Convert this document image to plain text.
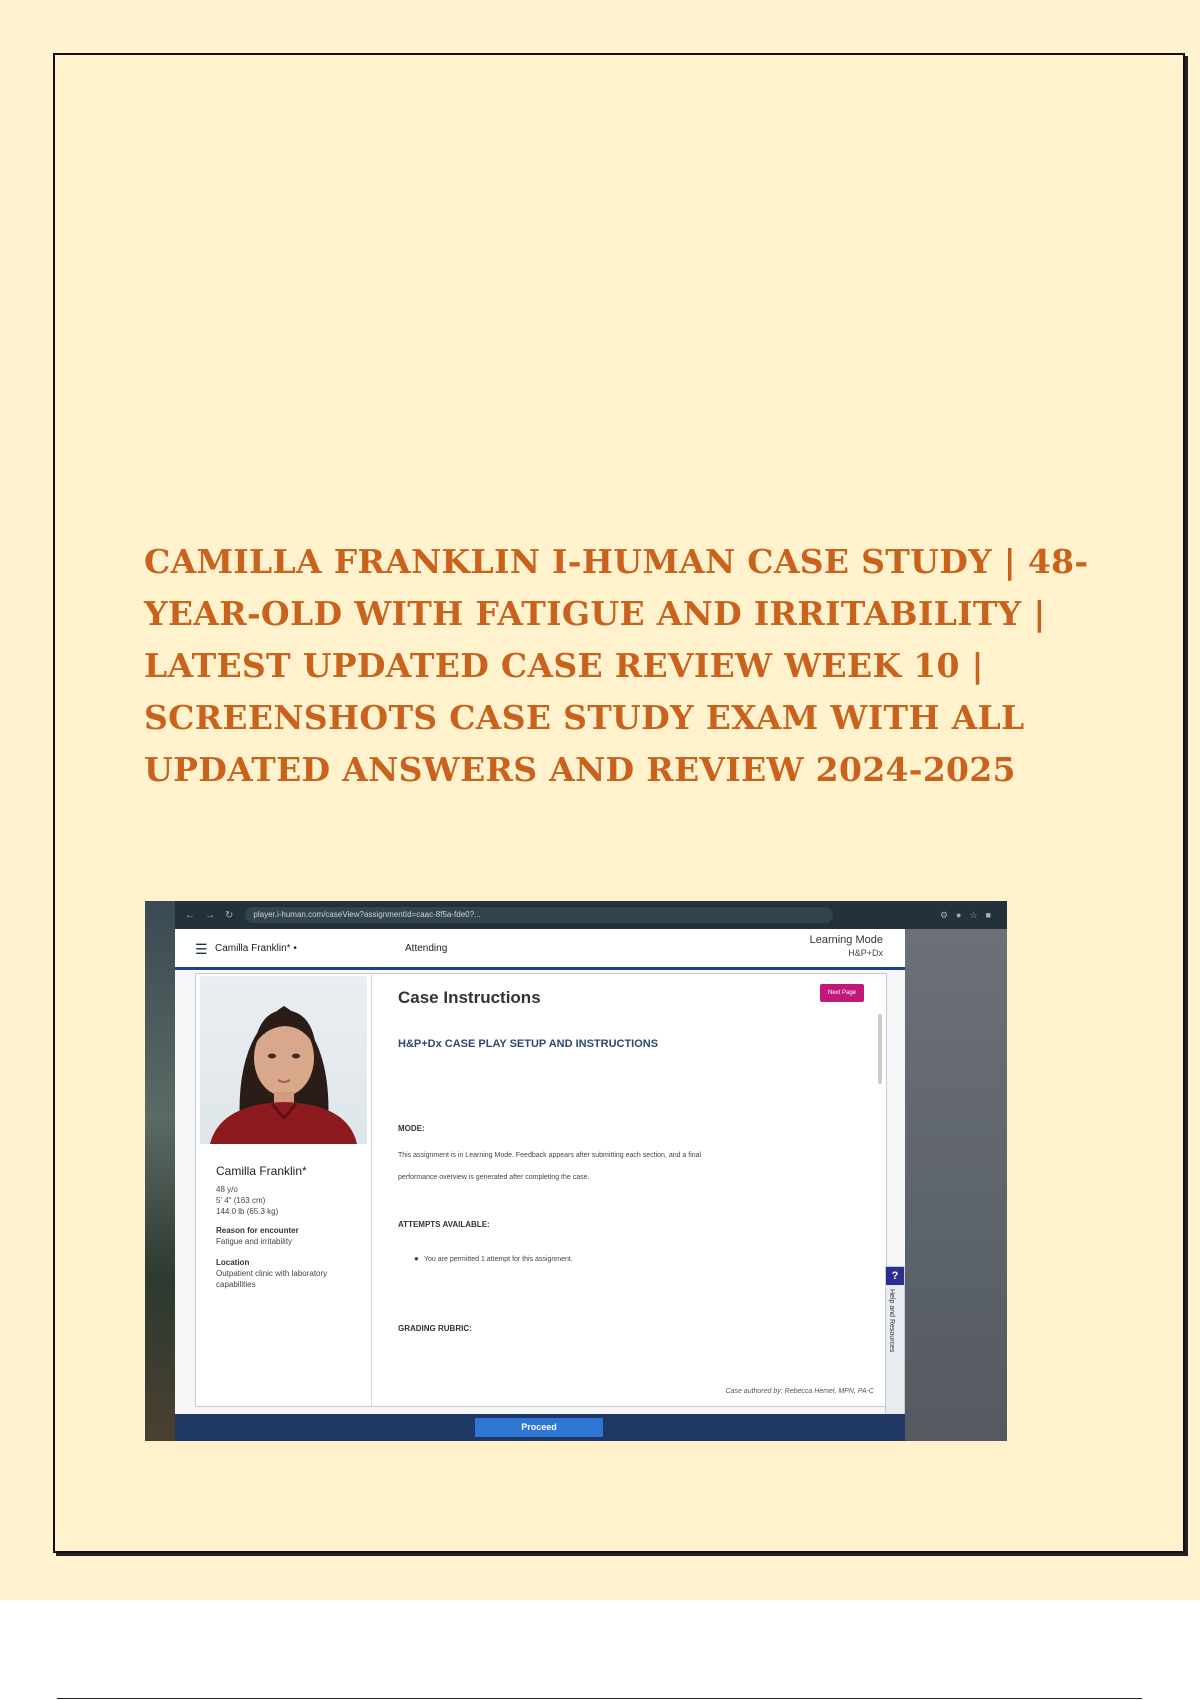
CAMILLA FRANKLIN I-HUMAN CASE STUDY | 48-YEAR-OLD WITH FATIGUE AND IRRITABILITY | LATEST UPDATED CASE REVIEW WEEK 10 | SCREENSHOTS CASE STUDY EXAM WITH ALL UPDATED ANSWERS AND REVIEW 2024-2025
← → ↻	player.i-human.com/caseView?assignmentId=caac-8f5a-fde0?...	⚙●☆■
☰ Camilla Franklin* •	Attending
Learning Mode
H&P+Dx
Camilla Franklin*
48 y/o
5' 4" (163 cm)
144.0 lb (65.3 kg)
Reason for encounter
Fatigue and irritability
Location
Outpatient clinic with laboratory capabilities
Case Instructions	Next Page
H&P+Dx CASE PLAY SETUP AND INSTRUCTIONS
MODE:
This assignment is in Learning Mode. Feedback appears after submitting each section, and a final
performance overview is generated after completing the case.
ATTEMPTS AVAILABLE:
● You are permitted 1 attempt for this assignment.
GRADING RUBRIC:
Case authored by: Rebecca Hemel, MPN, PA-C
?
Help and Resources
Proceed
